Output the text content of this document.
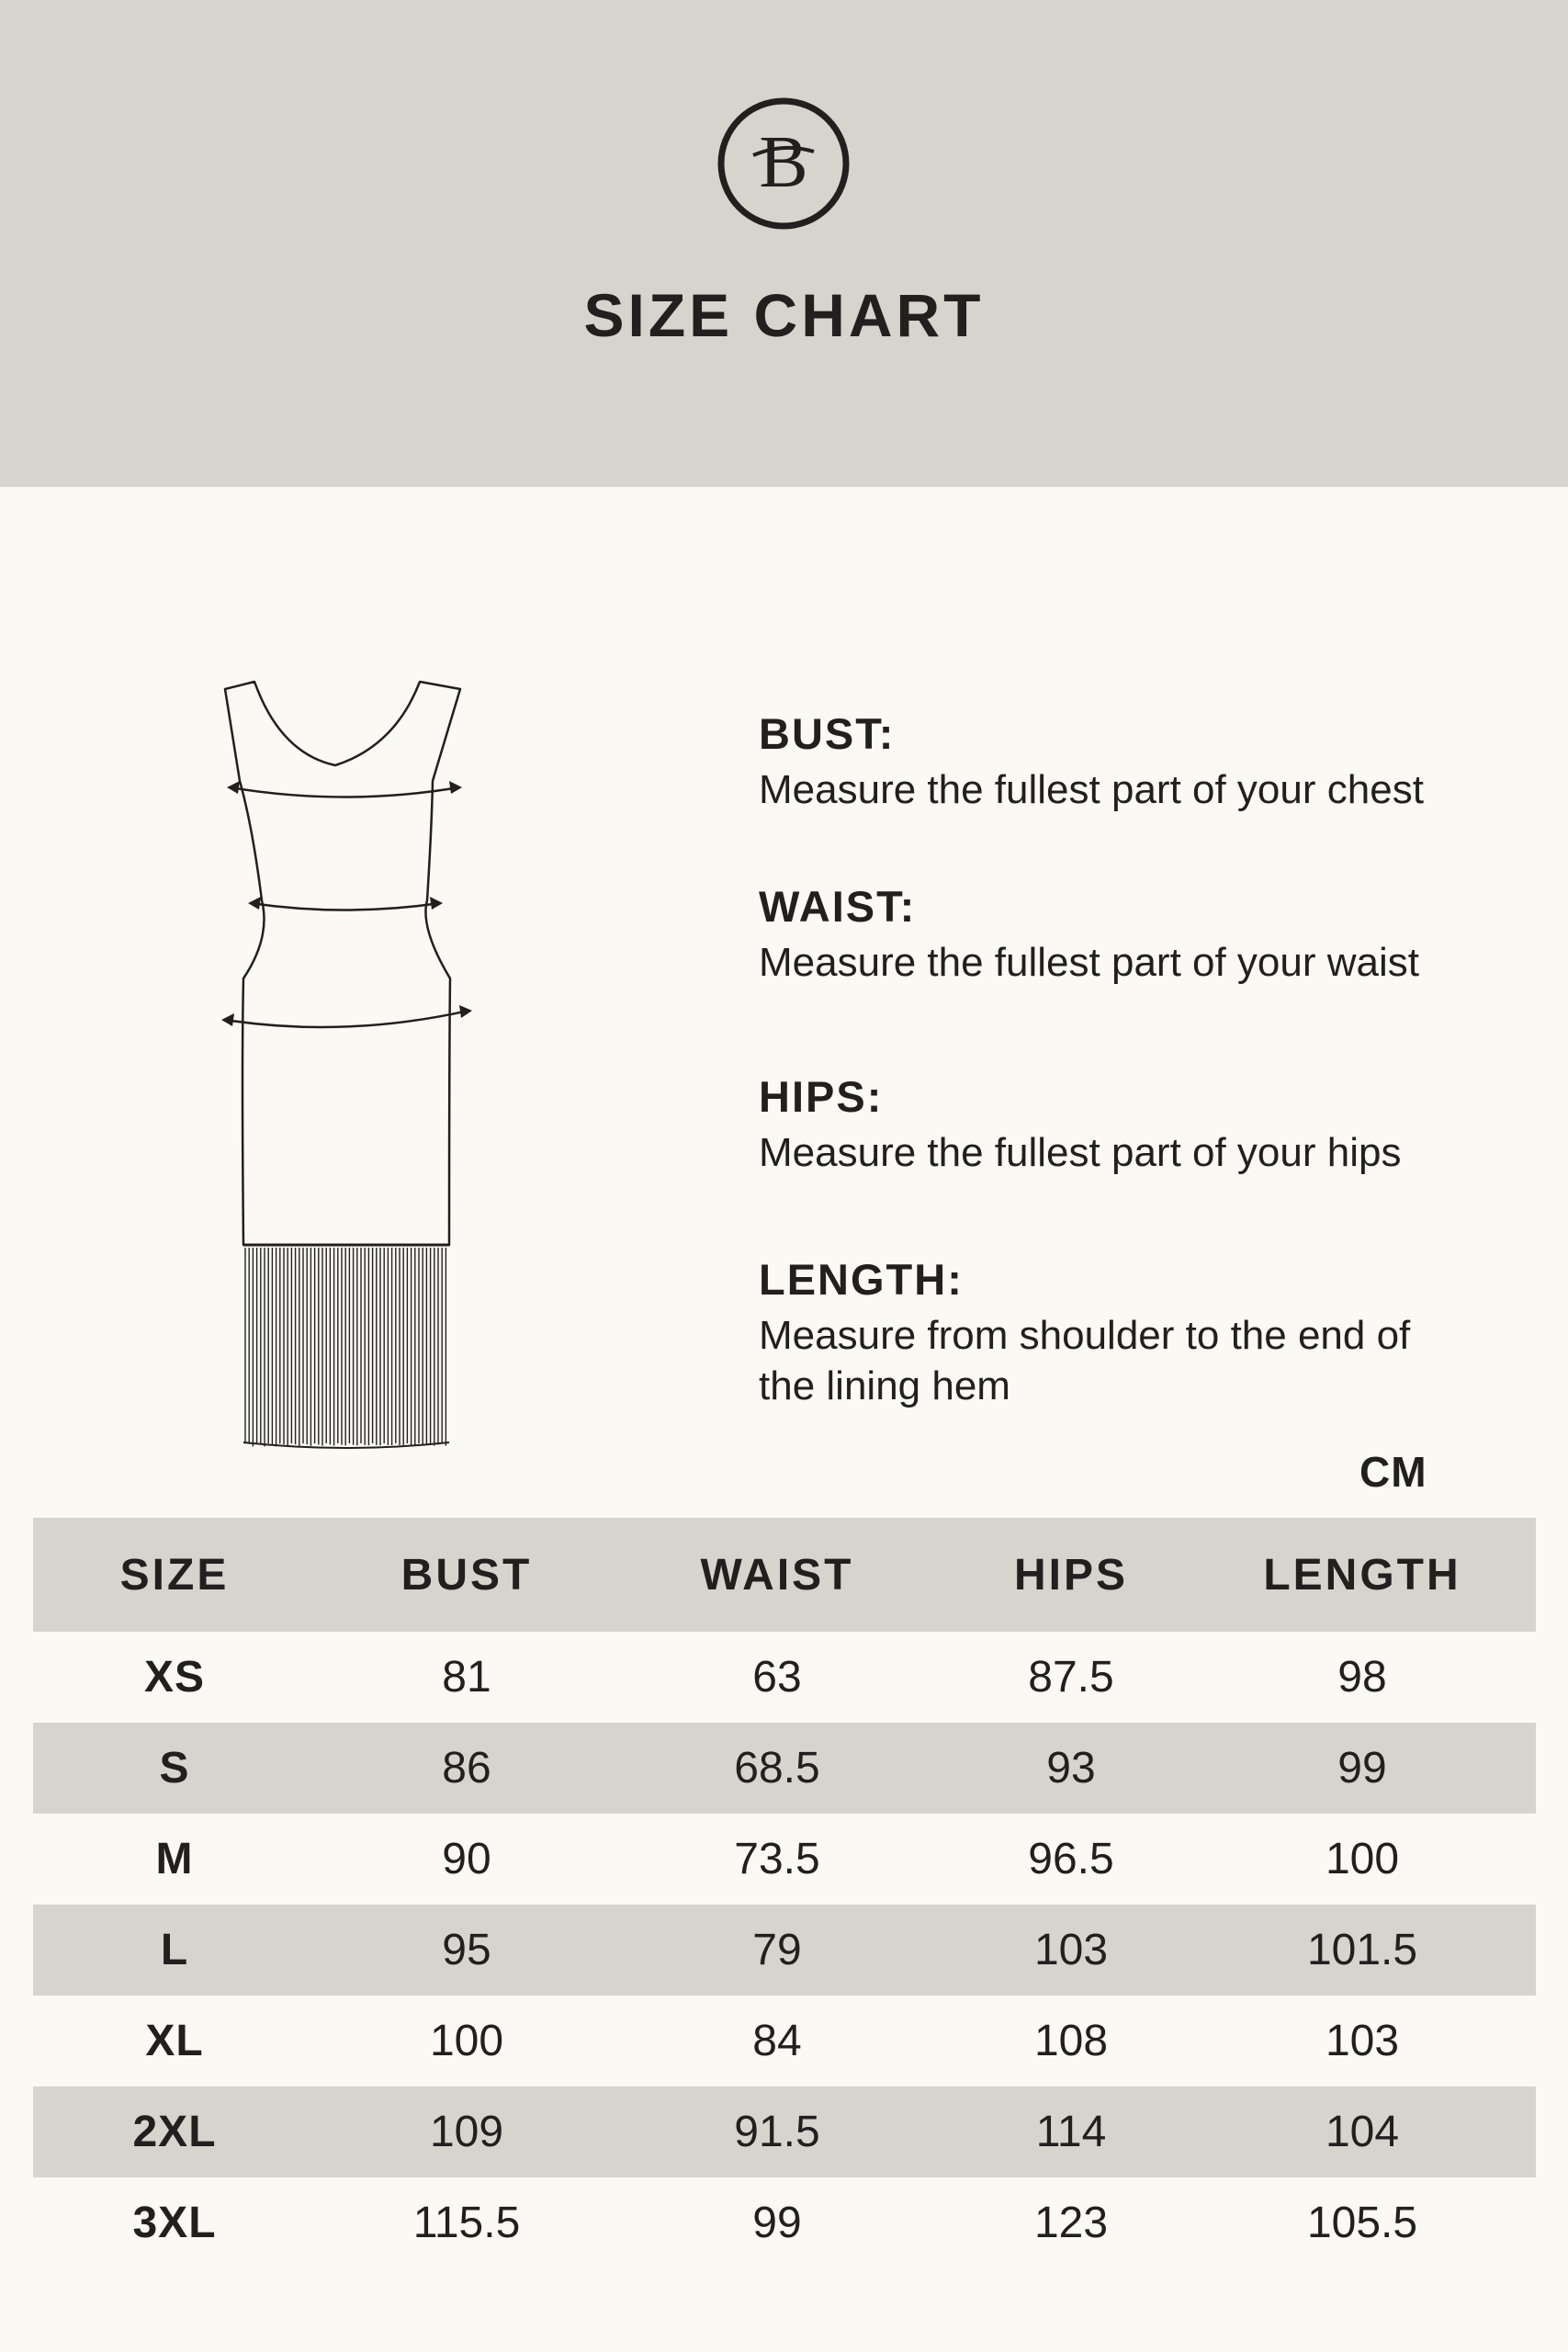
B
SIZE CHART
BUST:
Measure the fullest part of your chest
WAIST:
Measure the fullest part of your waist
HIPS:
Measure the fullest part of your hips
LENGTH:
Measure from shoulder to the end of
the lining hem
CM
SIZE	BUST	WAIST	HIPS	LENGTH
XS	81	63	87.5	98
S	86	68.5	93	99
M	90	73.5	96.5	100
L	95	79	103	101.5
XL	100	84	108	103
2XL	109	91.5	114	104
3XL	115.5	99	123	105.5
